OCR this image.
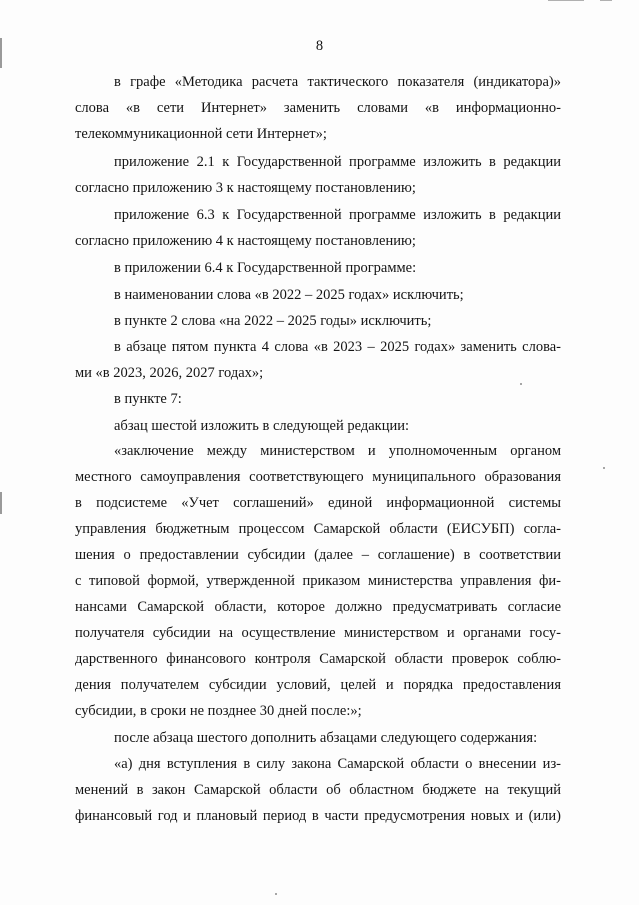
8
в графе «Методика расчета тактического показателя (индикатора)»
слова «в сети Интернет» заменить словами «в информационно-
телекоммуникационной сети Интернет»;
приложение 2.1 к Государственной программе изложить в редакции
согласно приложению 3 к настоящему постановлению;
приложение 6.3 к Государственной программе изложить в редакции
согласно приложению 4 к настоящему постановлению;
в приложении 6.4 к Государственной программе:
в наименовании слова «в 2022 – 2025 годах» исключить;
в пункте 2 слова «на 2022 – 2025 годы» исключить;
в абзаце пятом пункта 4 слова «в 2023 – 2025 годах» заменить слова-
ми «в 2023, 2026, 2027 годах»;
в пункте 7:
абзац шестой изложить в следующей редакции:
«заключение между министерством и уполномоченным органом
местного самоуправления соответствующего муниципального образования
в подсистеме «Учет соглашений» единой информационной системы
управления бюджетным процессом Самарской области (ЕИСУБП) согла-
шения о предоставлении субсидии (далее – соглашение) в соответствии
с типовой формой, утвержденной приказом министерства управления фи-
нансами Самарской области, которое должно предусматривать согласие
получателя субсидии на осуществление министерством и органами госу-
дарственного финансового контроля Самарской области проверок соблю-
дения получателем субсидии условий, целей и порядка предоставления
субсидии, в сроки не позднее 30 дней после:»;
после абзаца шестого дополнить абзацами следующего содержания:
«а) дня вступления в силу закона Самарской области о внесении из-
менений в закон Самарской области об областном бюджете на текущий
финансовый год и плановый период в части предусмотрения новых и (или)
